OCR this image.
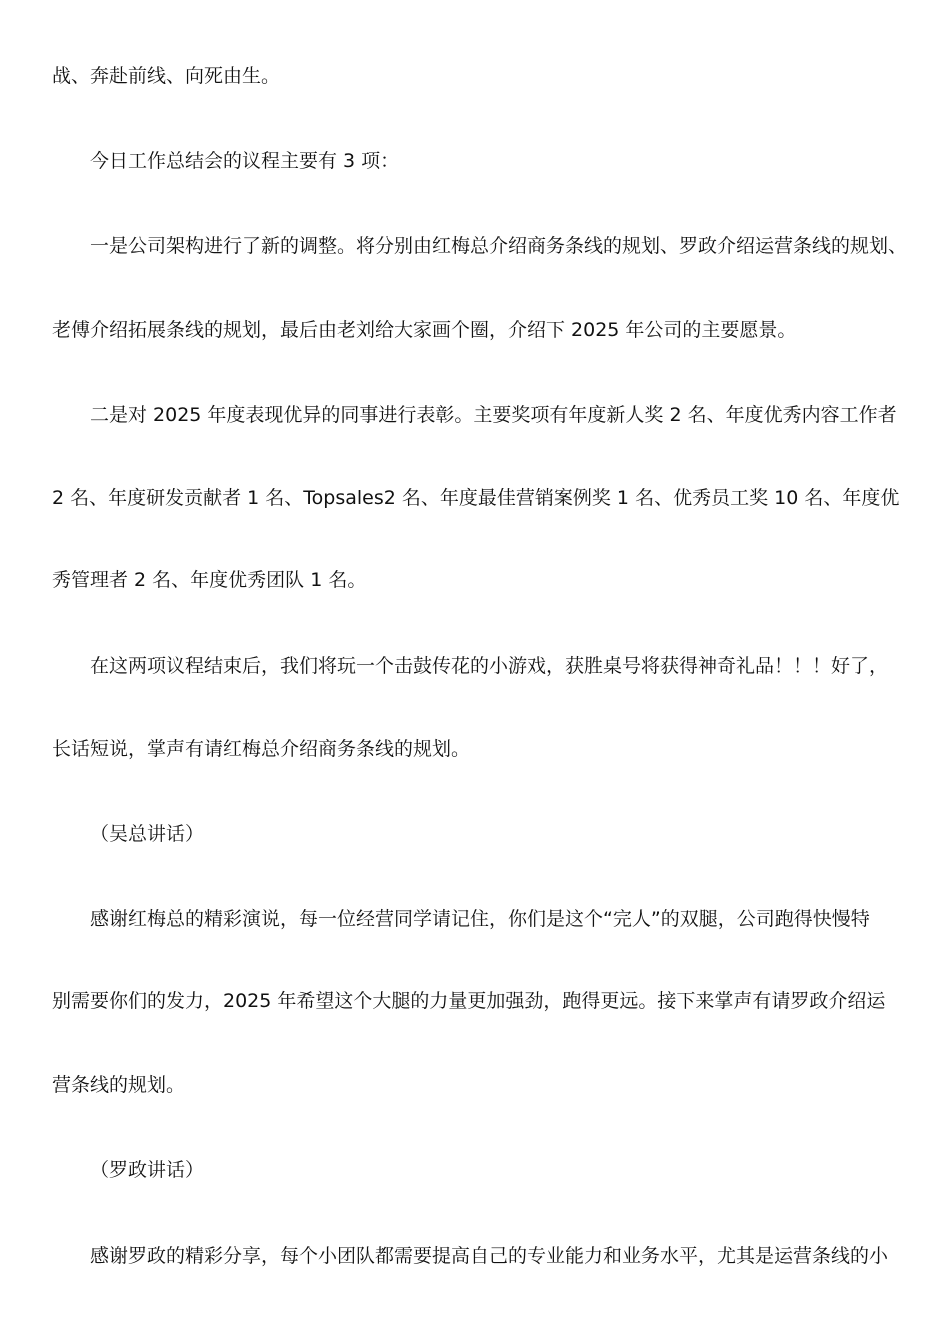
战、奔赴前线、向死由生。
今日工作总结会的议程主要有 3 项：
一是公司架构进行了新的调整。将分别由红梅总介绍商务条线的规划、罗政介绍运营条线的规划、
老傅介绍拓展条线的规划，最后由老刘给大家画个圈，介绍下 2025 年公司的主要愿景。
二是对 2025 年度表现优异的同事进行表彰。主要奖项有年度新人奖 2 名、年度优秀内容工作者
2 名、年度研发贡献者 1 名、Topsales2 名、年度最佳营销案例奖 1 名、优秀员工奖 10 名、年度优
秀管理者 2 名、年度优秀团队 1 名。
在这两项议程结束后，我们将玩一个击鼓传花的小游戏，获胜桌号将获得神奇礼品！！！好了，
长话短说，掌声有请红梅总介绍商务条线的规划。
（吴总讲话）
感谢红梅总的精彩演说，每一位经营同学请记住，你们是这个“完人”的双腿，公司跑得快慢特
别需要你们的发力，2025 年希望这个大腿的力量更加强劲，跑得更远。接下来掌声有请罗政介绍运
营条线的规划。
（罗政讲话）
感谢罗政的精彩分享，每个小团队都需要提高自己的专业能力和业务水平，尤其是运营条线的小
